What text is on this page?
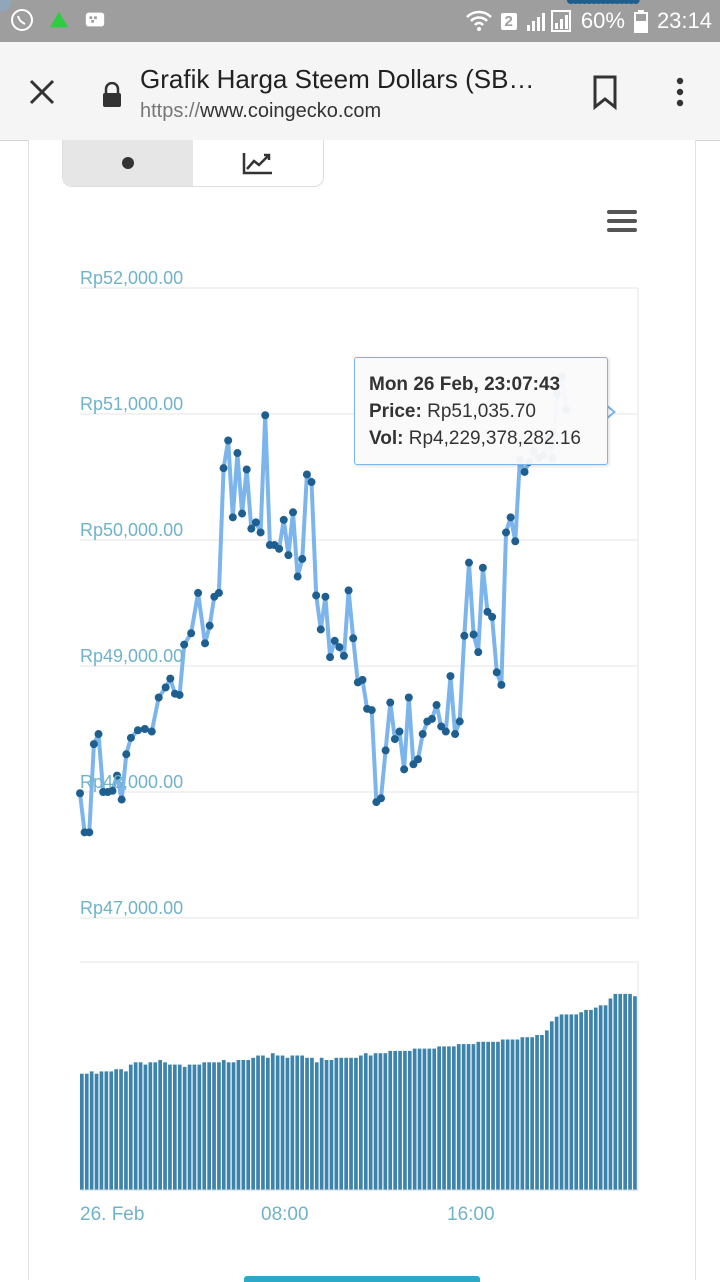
2	60% 23:14
Grafik Harga Steem Dollars (SB…
https://www.coingecko.com
Rp52,000.00
Rp51,000.00
Rp50,000.00
Rp49,000.00
Rp48,000.00
Rp47,000.00
26. Feb	08:00	16:00
Mon 26 Feb, 23:07:43
Price: Rp51,035.70
Vol: Rp4,229,378,282.16
